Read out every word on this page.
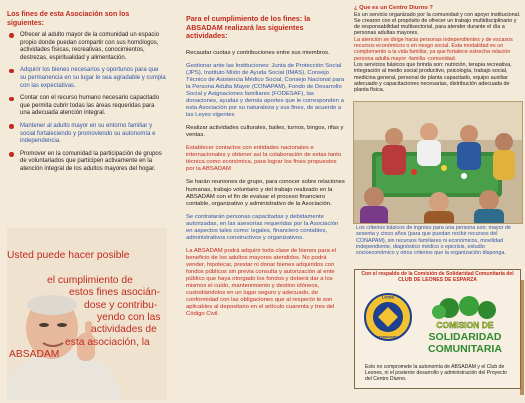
Los fines de esta Asociación son los siguientes:
Ofrecer al adulto mayor de la comunidad un espacio propio donde puedan compartir con sus homólogos, actividades físicas, recreativas, conocimientos, destrezas, espiritualidad y alimentación.
Adquirir los bienes necesarios y oportunos para que su permanencia en su lugar le sea agradable y cumpla con las expectativas.
Contar con el recurso humano necesario capacitado que permita cubrir todas las áreas requeridas para una adecuada atención integral.
Mantener al adulto mayor en su entorno familiar y social fortaleciendo y promoviendo su autonomía e independencia.
Promover en la comunidad la participación de grupos de voluntariados que participen activamente en la atención integral de los adultos mayores del hogar.
Usted puede hacer posible

el cumplimiento de
estos fines asocián-
dose y contribu-
yendo con las
actividades de
esta asociación, la ABSADAM
Para el cumplimiento de los fines: la ABSADAM realizará las siguientes actividades:

Recaudar cuotas y contribuciones entre sus miembros.

Gestionar ante las Instituciones: Junta de Protección Social (JPS), Instituto Mixto de Ayuda Social (IMAS), Consejo Técnico de Asistencia Médico Social, Consejo Nacional para la Persona Adulta Mayor (CONAPAM), Fondo de Desarrollo Social y Asignaciones familiares (FODESAF), las donaciones, ayudas y demás aportes que le corresponden a esta Asociación por su naturaleza y sus fines, de acuerdo a las Leyes vigentes

Realizar actividades culturales, bailes, turnos, bingos, rifas y ventas.

Establecer contactos con entidades nacionales e internacionales y obtener así la colaboración de estas tanto técnica como económica, para lograr los fines propuestos por la ABSADAM

Se harán reuniones de grupo, para conocer sobre relaciones humanas, trabajo voluntario y del trabajo realizado en la ABSADAM con el fin de evaluar el proceso financiero contable, organizativo y administrativo de la Asociación.

Se contratarán personas capacitadas y debidamente autorizadas, en las asesorías requeridas por la Asociación en aspectos tales como: legales, financiero contables, administrativos constructivos y organizativos.

La ABSADAM podrá adquirir toda clase de bienes para el beneficio de los adultos mayores atendidos. No podrá vender, hipotecar, prestar ni donar bienes adquiridos con fondos públicos sin previa consulta y autorización al ente público que haya otorgado los fondos y deberá dar a los mismos el cuido, mantenimiento y destino idóneos, custodiándolos en un lugar seguro y adecuado, de conformidad con las obligaciones que al respecto le son aplicables al depositario en el artículo cuarenta y tres del Código Civil.

¿ Que es un Centro Diurno ?

Es un servicio organizado por la comunidad y con apoyo institucional. Se crearon con el propósito de ofrecer un trabajo multidisciplinario y de responsabilidad multisectorial, para atender durante el día a personas adultas mayores.

La atención se dirige hacia personas independientes y de escasos recursos económicos o en riesgo social. Esta modalidad es un complemento a la vida familiar, ya que fortalece estrecha relación persona adulta mayor -familia -comunidad.

Los servicios básicos que brinda son: nutrición, terapia recreativa, integración al medio social productivo, psicología, trabajo social, medicina general, personal de planta capacitado, equipo auxiliar adecuado y capacitaciones necesarias, distribución adecuada de planta física.

Los criterios básicos de ingreso para una persona son: mayor de sesenta y cinco años (para que puedan recibir recursos del CONAPAM), sin recursos familiares ni económicos, movilidad independiente, diagnóstico médico o epicrisis, estudio socioeconómico y otros criterios que la organización disponga.

Con el respaldo de la Comisión de Solidaridad Comunitaria del CLUB DE LEONES DE ESPARZA
LIONS
INTERNATIONAL
COMISION DE
SOLIDARIDAD
COMUNITARIA
Esto no compromete la autonomía de ABSADAM y el Club de Leones, ni el posterior desarrollo y administración del Proyecto del Centro Diurno.
